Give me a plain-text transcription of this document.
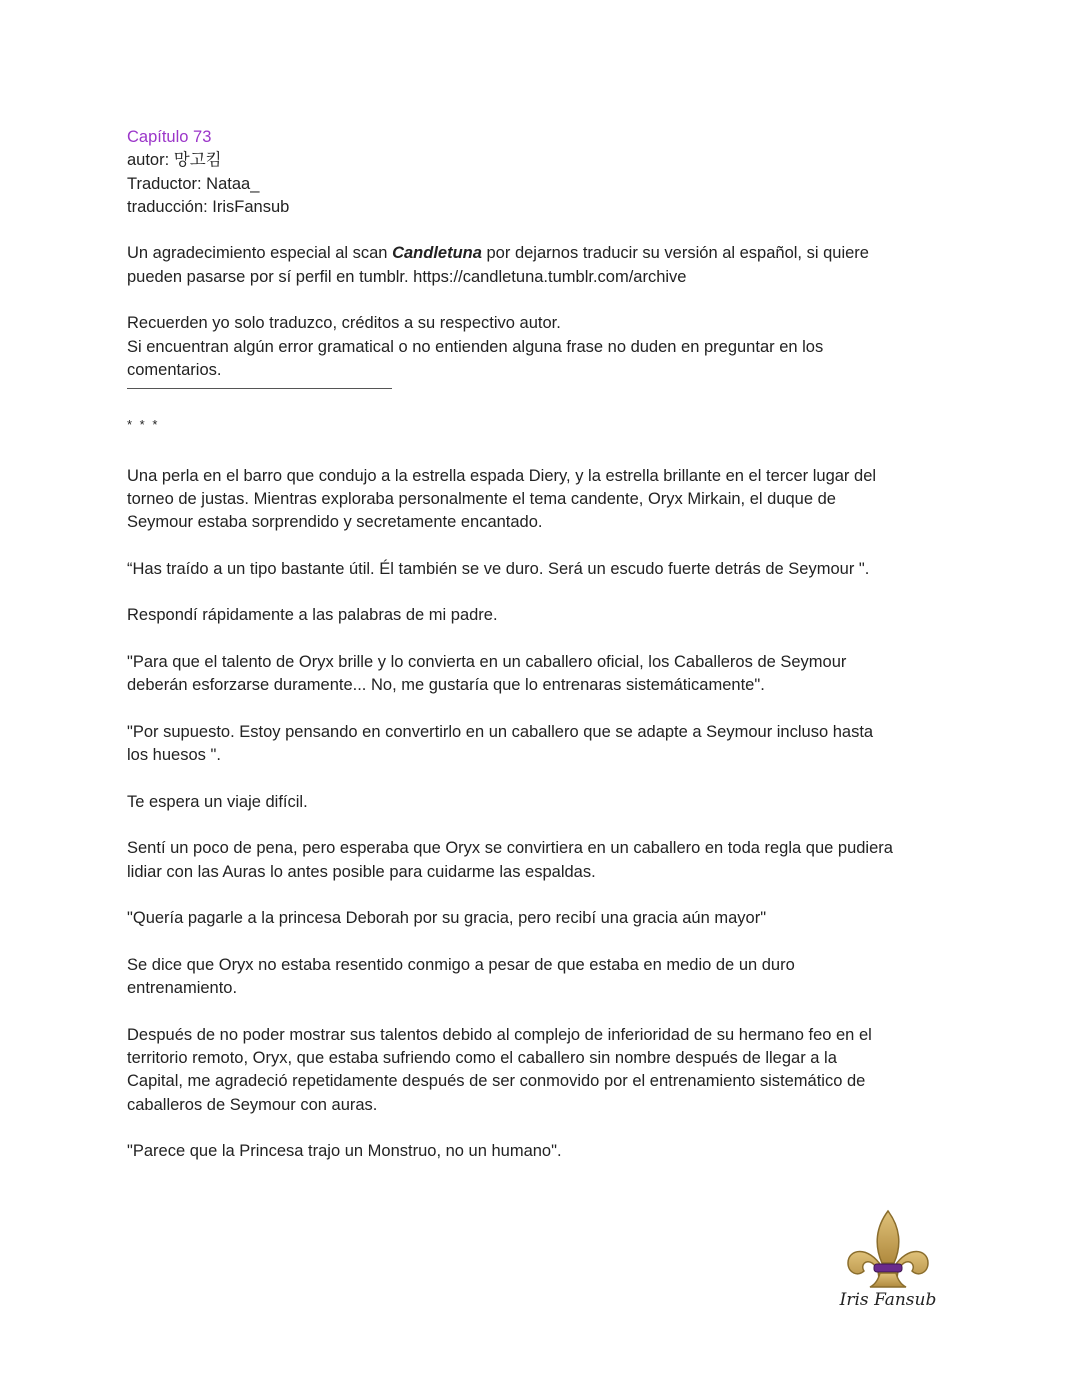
Capítulo 73
autor: 망고킴
Traductor: Nataa_
traducción: IrisFansub
Un agradecimiento especial al scan Candletuna por dejarnos traducir su versión al español, si quiere
pueden pasarse por sí perfil en tumblr. https://candletuna.tumblr.com/archive
Recuerden yo solo traduzco, créditos a su respectivo autor.
Si encuentran algún error gramatical o no entienden alguna frase no duden en preguntar en los
comentarios.
* * *
Una perla en el barro que condujo a la estrella espada Diery, y la estrella brillante en el tercer lugar del
torneo de justas. Mientras exploraba personalmente el tema candente, Oryx Mirkain, el duque de
Seymour estaba sorprendido y secretamente encantado.
“Has traído a un tipo bastante útil. Él también se ve duro. Será un escudo fuerte detrás de Seymour ".
Respondí rápidamente a las palabras de mi padre.
"Para que el talento de Oryx brille y lo convierta en un caballero oficial, los Caballeros de Seymour
deberán esforzarse duramente... No, me gustaría que lo entrenaras sistemáticamente".
"Por supuesto. Estoy pensando en convertirlo en un caballero que se adapte a Seymour incluso hasta
los huesos ".
Te espera un viaje difícil.
Sentí un poco de pena, pero esperaba que Oryx se convirtiera en un caballero en toda regla que pudiera
lidiar con las Auras lo antes posible para cuidarme las espaldas.
"Quería pagarle a la princesa Deborah por su gracia, pero recibí una gracia aún mayor"
Se dice que Oryx no estaba resentido conmigo a pesar de que estaba en medio de un duro
entrenamiento.
Después de no poder mostrar sus talentos debido al complejo de inferioridad de su hermano feo en el
territorio remoto, Oryx, que estaba sufriendo como el caballero sin nombre después de llegar a la
Capital, me agradeció repetidamente después de ser conmovido por el entrenamiento sistemático de
caballeros de Seymour con auras.
"Parece que la Princesa trajo un Monstruo, no un humano".
Iris Fansub
